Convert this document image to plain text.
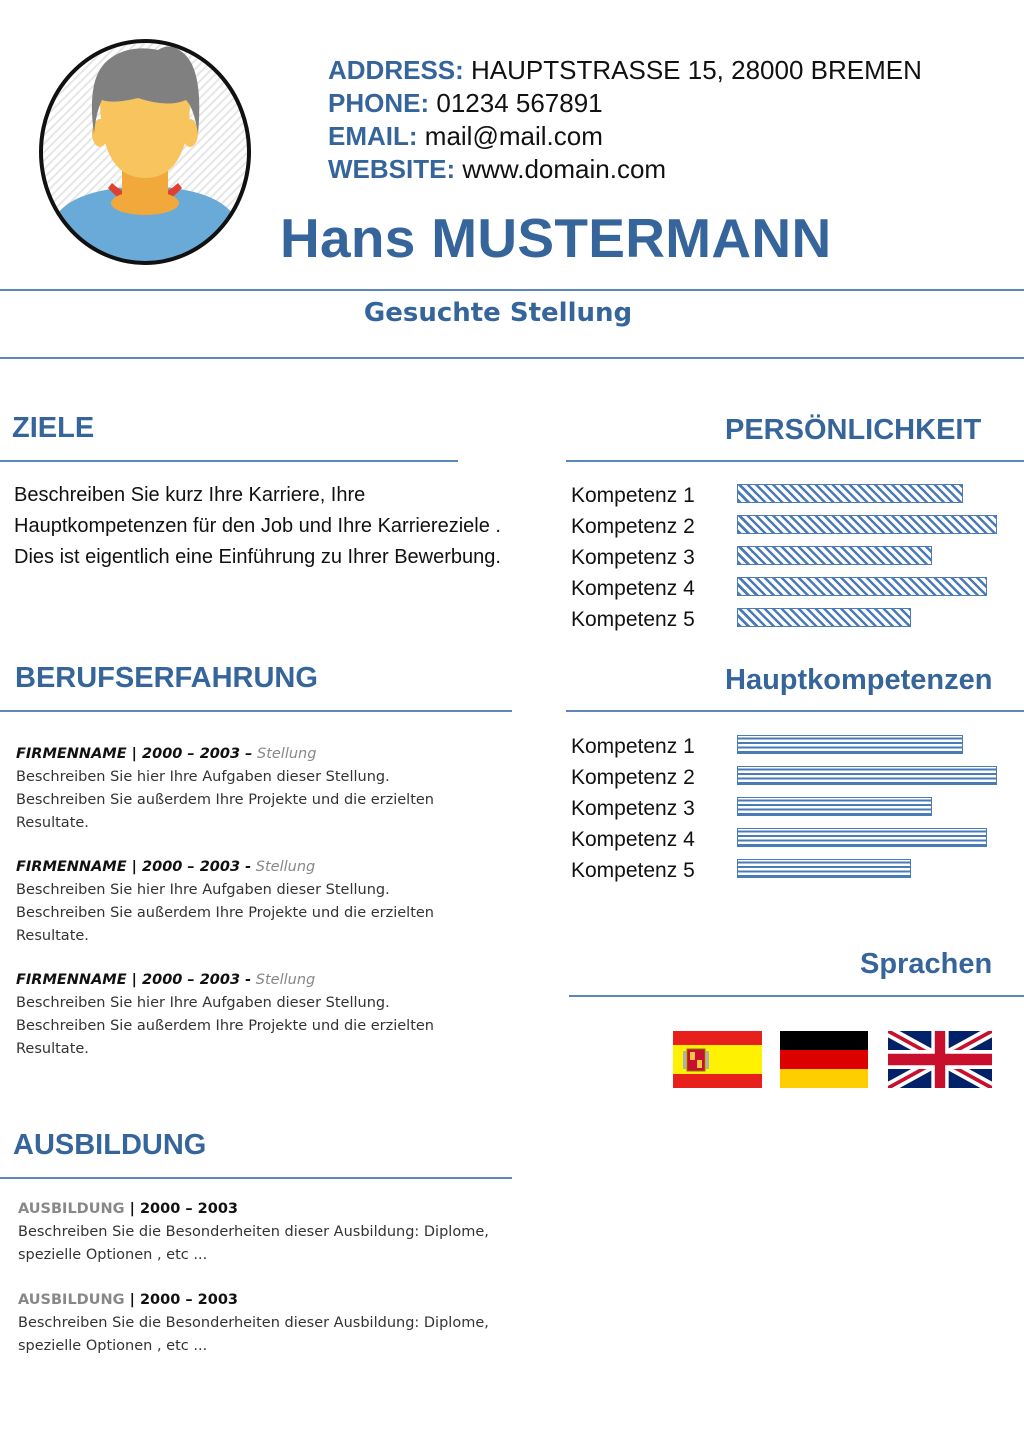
ADDRESS: HAUPTSTRASSE 15, 28000 BREMEN
PHONE: 01234 567891
EMAIL: mail@mail.com
WEBSITE: www.domain.com
Hans MUSTERMANN
Gesuchte Stellung
ZIELE
Beschreiben Sie kurz Ihre Karriere, Ihre Hauptkompetenzen für den Job und Ihre Karriereziele . Dies ist eigentlich eine Einführung zu Ihrer Bewerbung.
PERSÖNLICHKEIT
Kompetenz 1
Kompetenz 2
Kompetenz 3
Kompetenz 4
Kompetenz 5
BERUFSERFAHRUNG
FIRMENNAME | 2000 – 2003 – Stellung
Beschreiben Sie hier Ihre Aufgaben dieser Stellung.
Beschreiben Sie außerdem Ihre Projekte und die erzielten
Resultate.
FIRMENNAME | 2000 – 2003 - Stellung
Beschreiben Sie hier Ihre Aufgaben dieser Stellung.
Beschreiben Sie außerdem Ihre Projekte und die erzielten
Resultate.
FIRMENNAME | 2000 – 2003 - Stellung
Beschreiben Sie hier Ihre Aufgaben dieser Stellung.
Beschreiben Sie außerdem Ihre Projekte und die erzielten
Resultate.
Hauptkompetenzen
Kompetenz 1
Kompetenz 2
Kompetenz 3
Kompetenz 4
Kompetenz 5
Sprachen
AUSBILDUNG
AUSBILDUNG | 2000 – 2003
Beschreiben Sie die Besonderheiten dieser Ausbildung: Diplome,
spezielle Optionen , etc ...
AUSBILDUNG | 2000 – 2003
Beschreiben Sie die Besonderheiten dieser Ausbildung: Diplome,
spezielle Optionen , etc ...
